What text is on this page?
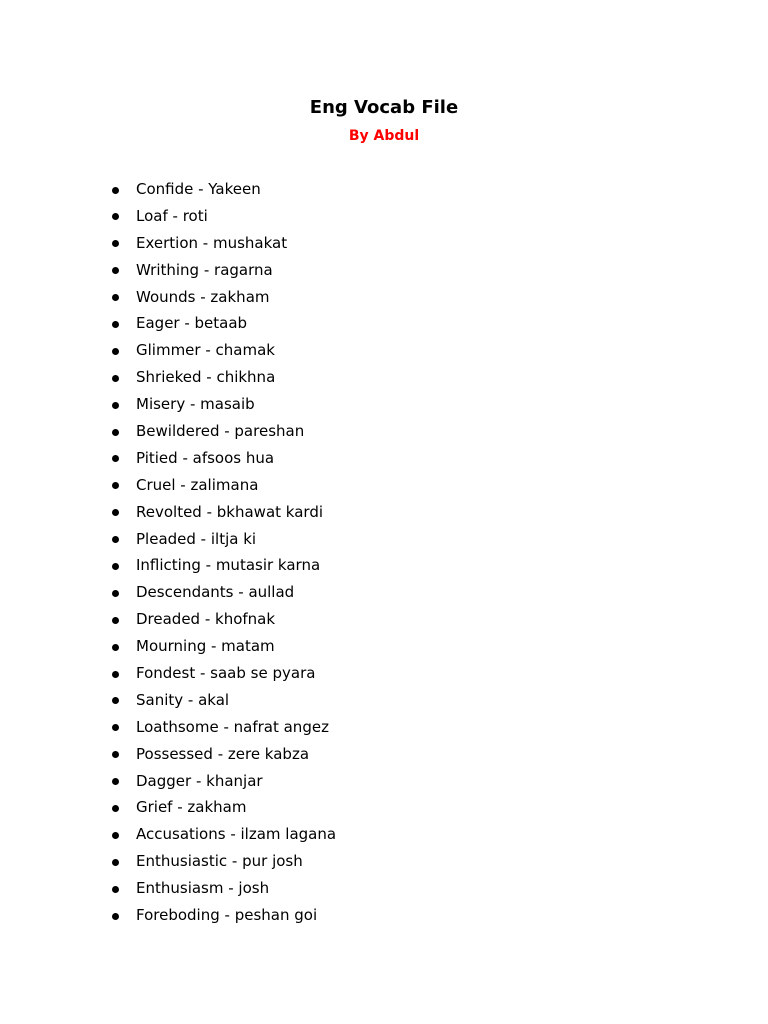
Eng Vocab File
By Abdul
Confide - Yakeen
Loaf - roti
Exertion - mushakat
Writhing - ragarna
Wounds - zakham
Eager - betaab
Glimmer - chamak
Shrieked - chikhna
Misery - masaib
Bewildered - pareshan
Pitied - afsoos hua
Cruel - zalimana
Revolted - bkhawat kardi
Pleaded - iltja ki
Inflicting - mutasir karna
Descendants - aullad
Dreaded - khofnak
Mourning - matam
Fondest - saab se pyara
Sanity - akal
Loathsome - nafrat angez
Possessed - zere kabza
Dagger - khanjar
Grief - zakham
Accusations - ilzam lagana
Enthusiastic - pur josh
Enthusiasm - josh
Foreboding - peshan goi
